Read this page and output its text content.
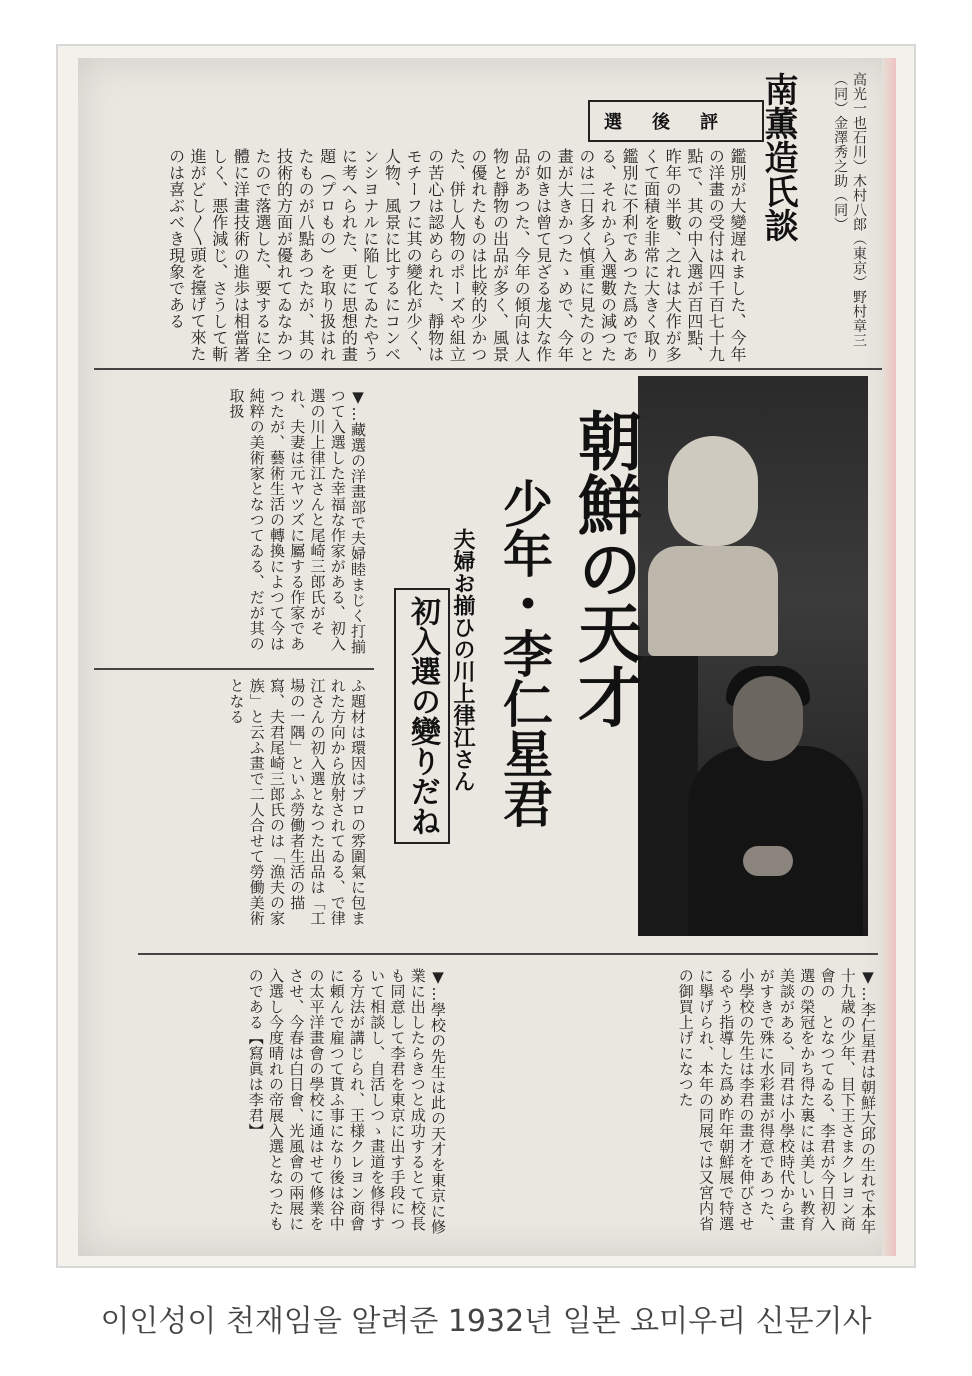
高光一也石川）木村八郎（東京）野村章三（同）金澤秀之助（同）
南薫造氏談
選後評
鑑別が大變遅れました、今年の洋畫の受付は四千百七十九點で、其の中入選が百四點、昨年の半數、之れは大作が多くて面積を非常に大きく取り鑑別に不利であつた爲めである、それから入選數の減つたのは二日多く慎重に見たのと畫が大きかつたゝめで、今年の如きは曾て見ざる尨大な作品があつた、今年の傾向は人物と靜物の出品が多く、風景の優れたものは比較的少かつた、併し人物のポーズや組立の苦心は認められた、靜物はモチーフに其の變化が少く、人物、風景に比するにコンベンシヨナルに陥してゐたやうに考へられた、更に思想的畫題（プロもの）を取り扱はれたものが八點あつたが、其の技術的方面が優れてゐなかつたので落選した、要するに全體に洋畫技術の進歩は相當著しく、悪作減じ、さうして斬進がどし〳〵頭を擡げて來たのは喜ぶべき現象である
朝鮮の天才
少年・李仁星君
夫婦お揃ひの川上律江さん
初入選の變りだね
▼…藏選の洋畫部で夫婦睦まじく打揃つて入選した幸福な作家がある、初入選の川上律江さんと尾崎三郎氏がそれ、夫妻は元ヤツズに屬する作家であつたが、藝術生活の轉換によつて今は純粹の美術家となつてゐる、だが其の取扱
ふ題材は環因はプロの雰圍氣に包まれた方向から放射されてゐる、で律江さんの初入選となつた出品は「工場の一隅」といふ勞働者生活の描寫、夫君尾崎三郎氏のは「漁夫の家族」と云ふ畫で二人合せて勞働美術となる
▼…李仁星君は朝鮮大邱の生れで本年十九歳の少年、目下王さまクレヨン商會の　となつてゐる、李君が今日初入選の榮冠をかち得た裏には美しい教育美談がある、同君は小學校時代から畫がすきで殊に水彩畫が得意であつた、小學校の先生は李君の畫才を伸びさせるやう指導した爲め昨年朝鮮展で特選に擧げられ、本年の同展では又宮内省の御買上げになつた
▼…學校の先生は此の天才を東京に修業に出したらきつと成功するとて校長も同意して李君を東京に出す手段について相談し、自活しつゝ畫道を修得する方法が講じられ、王様クレヨン商會に頼んで雇つて貰ふ事になり後は谷中の太平洋畫會の學校に通はせて修業をさせ、今春は白日會、光風會の兩展に入選し今度晴れの帝展入選となつたものである【寫眞は李君】
이인성이 천재임을 알려준 1932년 일본 요미우리 신문기사
